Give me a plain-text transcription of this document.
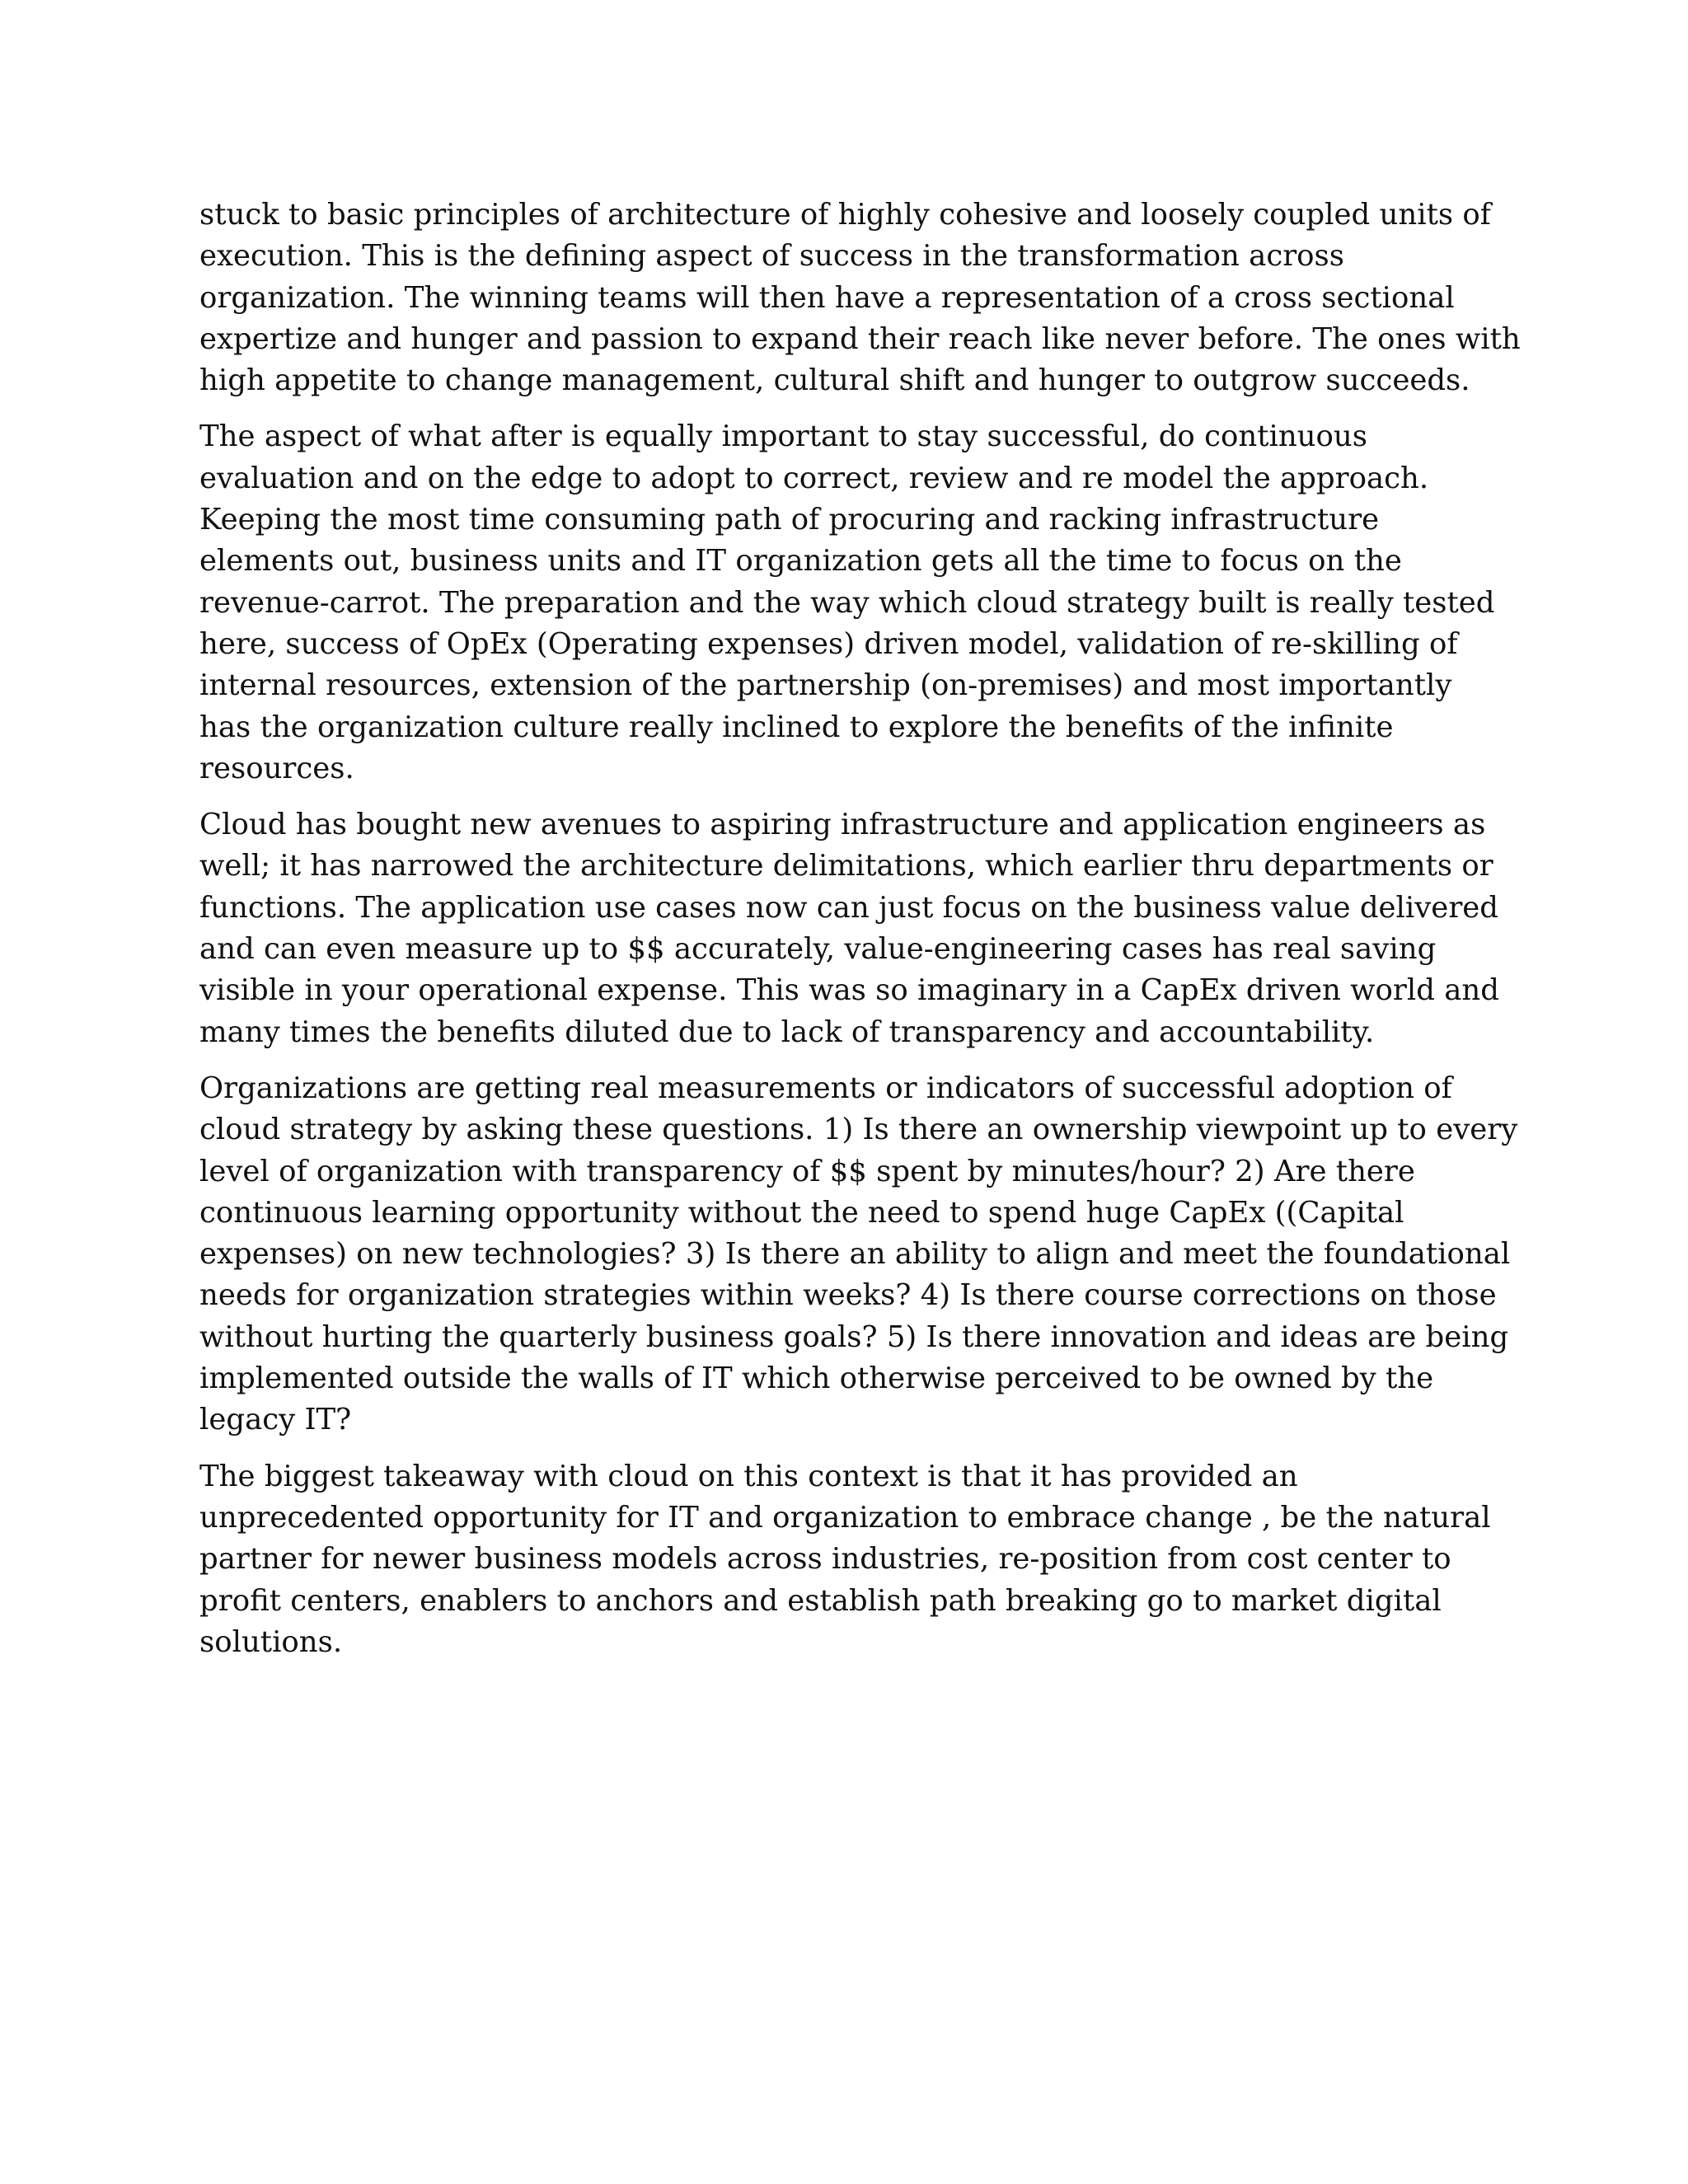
stuck to basic principles of architecture of highly cohesive and loosely coupled units of
execution. This is the defining aspect of success in the transformation across
organization. The winning teams will then have a representation of a cross sectional
expertize and hunger and passion to expand their reach like never before. The ones with
high appetite to change management, cultural shift and hunger to outgrow succeeds.

The aspect of what after is equally important to stay successful, do continuous
evaluation and on the edge to adopt to correct, review and re model the approach.
Keeping the most time consuming path of procuring and racking infrastructure
elements out, business units and IT organization gets all the time to focus on the
revenue-carrot. The preparation and the way which cloud strategy built is really tested
here, success of OpEx (Operating expenses) driven model, validation of re-skilling of
internal resources, extension of the partnership (on-premises) and most importantly
has the organization culture really inclined to explore the benefits of the infinite
resources.

Cloud has bought new avenues to aspiring infrastructure and application engineers as
well; it has narrowed the architecture delimitations, which earlier thru departments or
functions. The application use cases now can just focus on the business value delivered
and can even measure up to $$ accurately, value-engineering cases has real saving
visible in your operational expense. This was so imaginary in a CapEx driven world and
many times the benefits diluted due to lack of transparency and accountability.

Organizations are getting real measurements or indicators of successful adoption of
cloud strategy by asking these questions. 1) Is there an ownership viewpoint up to every
level of organization with transparency of $$ spent by minutes/hour? 2) Are there
continuous learning opportunity without the need to spend huge CapEx ((Capital
expenses) on new technologies? 3) Is there an ability to align and meet the foundational
needs for organization strategies within weeks? 4) Is there course corrections on those
without hurting the quarterly business goals? 5) Is there innovation and ideas are being
implemented outside the walls of IT which otherwise perceived to be owned by the
legacy IT?

The biggest takeaway with cloud on this context is that it has provided an
unprecedented opportunity for IT and organization to embrace change , be the natural
partner for newer business models across industries, re-position from cost center to
profit centers, enablers to anchors and establish path breaking go to market digital
solutions.
